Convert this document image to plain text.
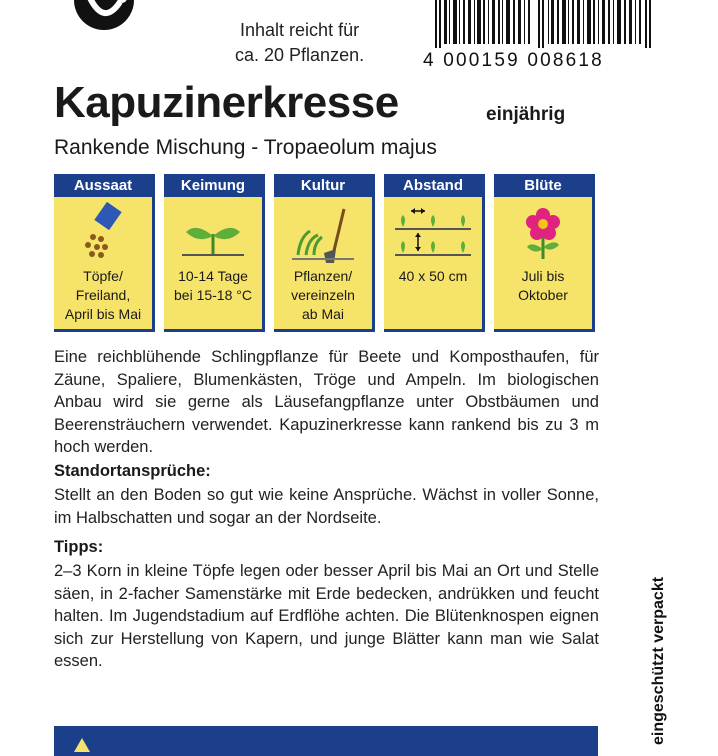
Inhalt reicht für
ca. 20 Pflanzen.	4 000159 008618
Kapuzinerkresse	einjährig
Rankende Mischung - Tropaeolum majus
Aussaat
Töpfe/
Freiland,
April bis Mai
Keimung
10-14 Tage
bei 15-18 °C
Kultur
Pflanzen/
vereinzeln
ab Mai
Abstand
40 x 50 cm
Blüte
Juli bis
Oktober

Eine reichblühende Schlingpflanze für Beete und Komposthaufen, für Zäune, Spaliere, Blumenkästen, Tröge und Ampeln. Im biologischen Anbau wird sie gerne als Läusefangpflanze unter Obstbäumen und Beerensträuchern verwendet. Kapuzinerkresse kann rankend bis zu 3 m hoch werden.

Standortansprüche:

Stellt an den Boden so gut wie keine Ansprüche. Wächst in voller Sonne, im Halbschatten und sogar an der Nordseite.

Tipps:

2–3 Korn in kleine Töpfe legen oder besser April bis Mai an Ort und Stelle säen, in 2-facher Samenstärke mit Erde bedecken, andrükken und feucht halten. Im Jugendstadium auf Erdflöhe achten. Die Blütenknospen eignen sich zur Herstellung von Kapern, und junge Blätter kann man wie Salat essen.	eingeschützt verpackt
